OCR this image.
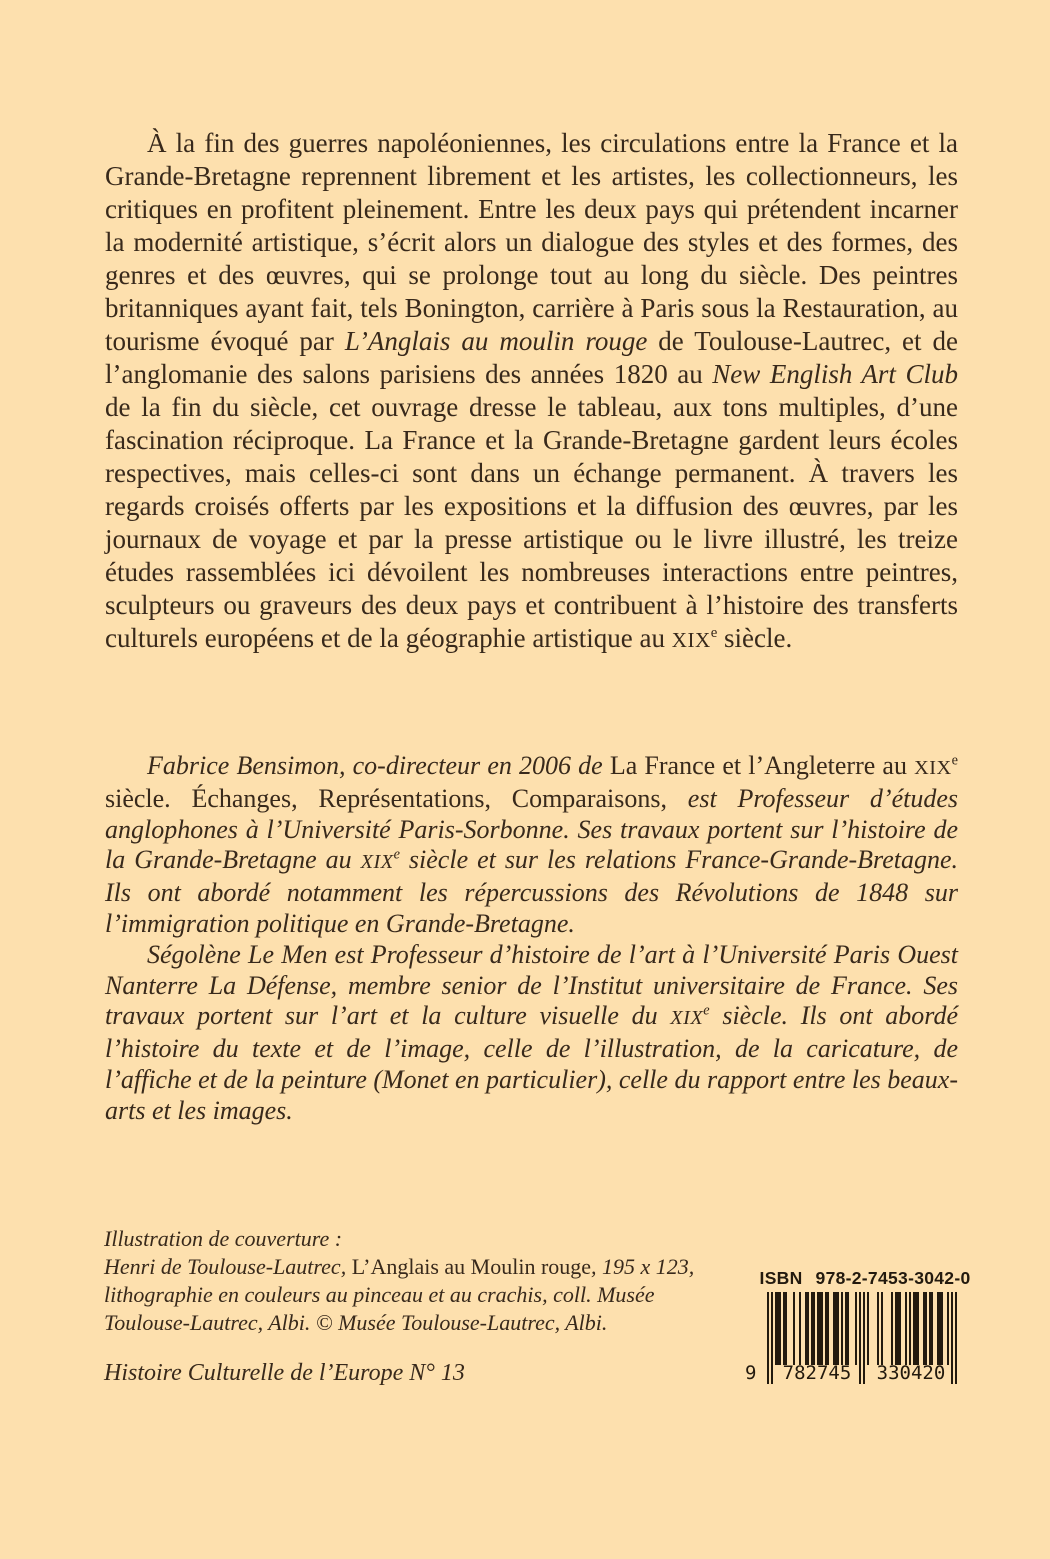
À la fin des guerres napoléoniennes, les circulations entre la France et la Grande-Bretagne reprennent librement et les artistes, les collectionneurs, les critiques en profitent pleinement. Entre les deux pays qui prétendent incarner la modernité artistique, s’écrit alors un dialogue des styles et des formes, des genres et des œuvres, qui se prolonge tout au long du siècle. Des peintres britanniques ayant fait, tels Bonington, carrière à Paris sous la Restauration, au tourisme évoqué par L’Anglais au moulin rouge de Toulouse-Lautrec, et de l’anglomanie des salons parisiens des années 1820 au New English Art Club de la fin du siècle, cet ouvrage dresse le tableau, aux tons multiples, d’une fascination réciproque. La France et la Grande-Bretagne gardent leurs écoles respectives, mais celles-ci sont dans un échange permanent. À travers les regards croisés offerts par les expositions et la diffusion des œuvres, par les journaux de voyage et par la presse artistique ou le livre illustré, les treize études rassemblées ici dévoilent les nombreuses interactions entre peintres, sculpteurs ou graveurs des deux pays et contribuent à l’histoire des transferts culturels européens et de la géographie artistique au XIXe siècle.

Fabrice Bensimon, co-directeur en 2006 de La France et l’Angleterre au XIXe siècle. Échanges, Représentations, Comparaisons, est Professeur d’études anglophones à l’Université Paris-Sorbonne. Ses travaux portent sur l’histoire de la Grande-Bretagne au XIXe siècle et sur les relations France-Grande-Bretagne. Ils ont abordé notamment les répercussions des Révolutions de 1848 sur l’immigration politique en Grande-Bretagne.

Ségolène Le Men est Professeur d’histoire de l’art à l’Université Paris Ouest Nanterre La Défense, membre senior de l’Institut universitaire de France. Ses travaux portent sur l’art et la culture visuelle du XIXe siècle. Ils ont abordé l’histoire du texte et de l’image, celle de l’illustration, de la caricature, de l’affiche et de la peinture (Monet en particulier), celle du rapport entre les beaux-arts et les images.

Illustration de couverture :
Henri de Toulouse-Lautrec, L’Anglais au Moulin rouge, 195 x 123, lithographie en couleurs au pinceau et au crachis, coll. Musée Toulouse-Lautrec, Albi. © Musée Toulouse-Lautrec, Albi.
Histoire Culturelle de l’Europe N° 13
ISBN 978-2-7453-3042-0
9	782745	330420
